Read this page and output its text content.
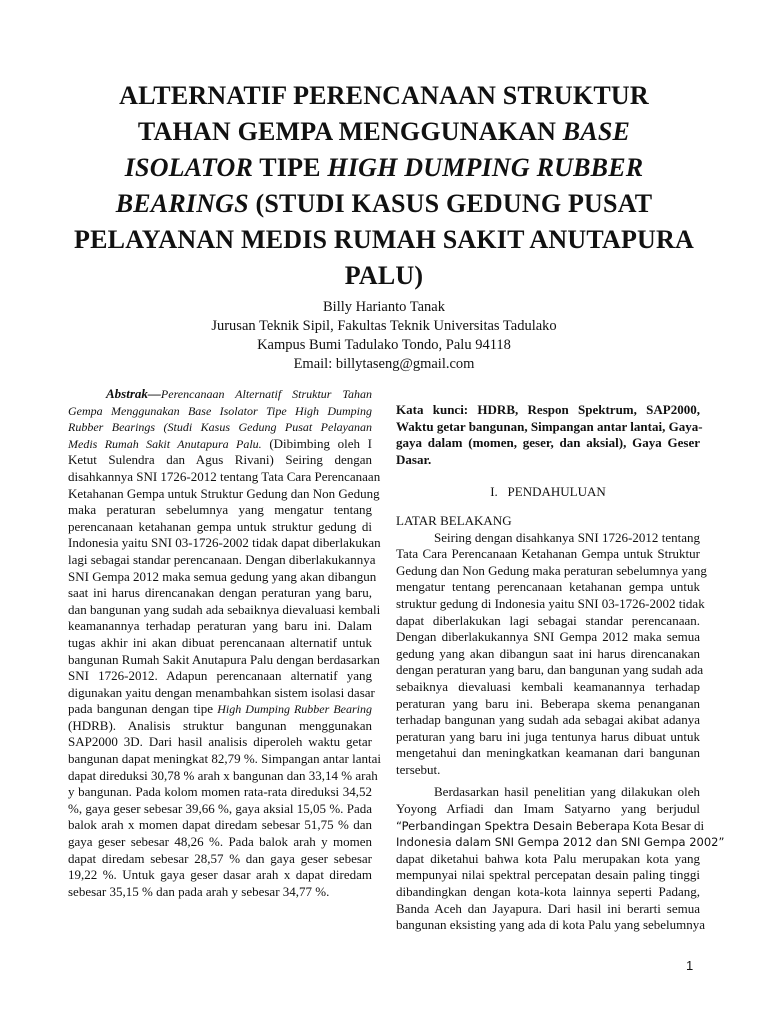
ALTERNATIF PERENCANAAN STRUKTUR
TAHAN GEMPA MENGGUNAKAN BASE
ISOLATOR TIPE HIGH DUMPING RUBBER
BEARINGS (STUDI KASUS GEDUNG PUSAT
PELAYANAN MEDIS RUMAH SAKIT ANUTAPURA
PALU)
Billy Harianto Tanak
Jurusan Teknik Sipil, Fakultas Teknik Universitas Tadulako
Kampus Bumi Tadulako Tondo, Palu 94118
Email: billytaseng@gmail.com
Abstrak—Perencanaan Alternatif Struktur Tahan
Gempa Menggunakan Base Isolator Tipe High Dumping
Rubber Bearings (Studi Kasus Gedung Pusat Pelayanan
Medis Rumah Sakit Anutapura Palu. (Dibimbing oleh I
Ketut Sulendra dan Agus Rivani) Seiring dengan
disahkannya SNI 1726-2012 tentang Tata Cara Perencanaan
Ketahanan Gempa untuk Struktur Gedung dan Non Gedung
maka peraturan sebelumnya yang mengatur tentang
perencanaan ketahanan gempa untuk struktur gedung di
Indonesia yaitu SNI 03-1726-2002 tidak dapat diberlakukan
lagi sebagai standar perencanaan. Dengan diberlakukannya
SNI Gempa 2012 maka semua gedung yang akan dibangun
saat ini harus direncanakan dengan peraturan yang baru,
dan bangunan yang sudah ada sebaiknya dievaluasi kembali
keamanannya terhadap peraturan yang baru ini. Dalam
tugas akhir ini akan dibuat perencanaan alternatif untuk
bangunan Rumah Sakit Anutapura Palu dengan berdasarkan
SNI 1726-2012. Adapun perencanaan alternatif yang
digunakan yaitu dengan menambahkan sistem isolasi dasar
pada bangunan dengan tipe High Dumping Rubber Bearing
(HDRB). Analisis struktur bangunan menggunakan
SAP2000 3D. Dari hasil analisis diperoleh waktu getar
bangunan dapat meningkat 82,79 %. Simpangan antar lantai
dapat direduksi 30,78 % arah x bangunan dan 33,14 % arah
y bangunan. Pada kolom momen rata-rata direduksi 34,52
%, gaya geser sebesar 39,66 %, gaya aksial 15,05 %. Pada
balok arah x momen dapat diredam sebesar 51,75 % dan
gaya geser sebesar 48,26 %. Pada balok arah y momen
dapat diredam sebesar 28,57 % dan gaya geser sebesar
19,22 %. Untuk gaya geser dasar arah x dapat diredam
sebesar 35,15 % dan pada arah y sebesar 34,77 %.
Kata kunci: HDRB, Respon Spektrum, SAP2000,
Waktu getar bangunan, Simpangan antar lantai, Gaya-
gaya dalam (momen, geser, dan aksial), Gaya Geser
Dasar.
I.   PENDAHULUAN
LATAR BELAKANG
Seiring dengan disahkanya SNI 1726-2012 tentang
Tata Cara Perencanaan Ketahanan Gempa untuk Struktur
Gedung dan Non Gedung maka peraturan sebelumnya yang
mengatur tentang perencanaan ketahanan gempa untuk
struktur gedung di Indonesia yaitu SNI 03-1726-2002 tidak
dapat diberlakukan lagi sebagai standar perencanaan.
Dengan diberlakukannya SNI Gempa 2012 maka semua
gedung yang akan dibangun saat ini harus direncanakan
dengan peraturan yang baru, dan bangunan yang sudah ada
sebaiknya dievaluasi kembali keamanannya terhadap
peraturan yang baru ini. Beberapa skema penanganan
terhadap bangunan yang sudah ada sebagai akibat adanya
peraturan yang baru ini juga tentunya harus dibuat untuk
mengetahui dan meningkatkan keamanan dari bangunan
tersebut.
Berdasarkan hasil penelitian yang dilakukan oleh
Yoyong Arfiadi dan Imam Satyarno yang berjudul
“Perbandingan Spektra Desain Beberapa Kota Besar di
Indonesia dalam SNI Gempa 2012 dan SNI Gempa 2002”
dapat diketahui bahwa kota Palu merupakan kota yang
mempunyai nilai spektral percepatan desain paling tinggi
dibandingkan dengan kota-kota lainnya seperti Padang,
Banda Aceh dan Jayapura. Dari hasil ini berarti semua
bangunan eksisting yang ada di kota Palu yang sebelumnya
1
